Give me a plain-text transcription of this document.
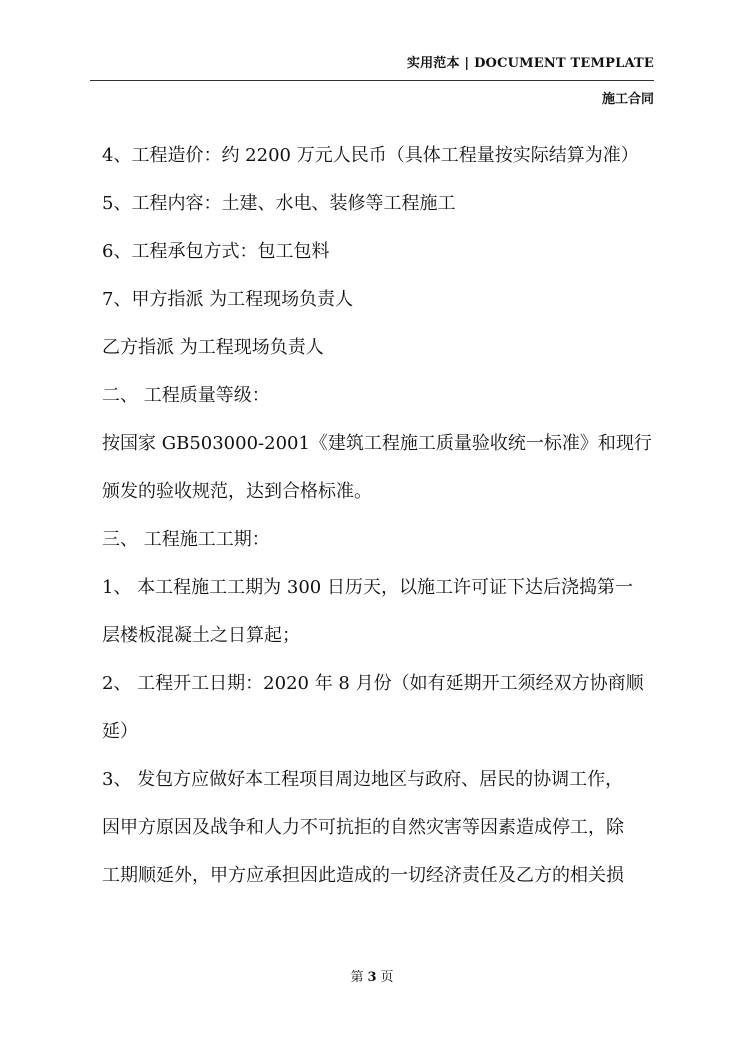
实用范本 | DOCUMENT TEMPLATE
施工合同
4、工程造价：约 2200 万元人民币（具体工程量按实际结算为准）
5、工程内容：土建、水电、装修等工程施工
6、工程承包方式：包工包料
7、甲方指派 为工程现场负责人
乙方指派 为工程现场负责人
二、 工程质量等级：
按国家 GB503000-2001《建筑工程施工质量验收统一标准》和现行
颁发的验收规范，达到合格标准。
三、 工程施工工期：
1、 本工程施工工期为 300 日历天，以施工许可证下达后浇捣第一
层楼板混凝土之日算起；
2、 工程开工日期：2020 年 8 月份（如有延期开工须经双方协商顺
延）
3、 发包方应做好本工程项目周边地区与政府、居民的协调工作，
因甲方原因及战争和人力不可抗拒的自然灾害等因素造成停工，除
工期顺延外，甲方应承担因此造成的一切经济责任及乙方的相关损
第 3 页
